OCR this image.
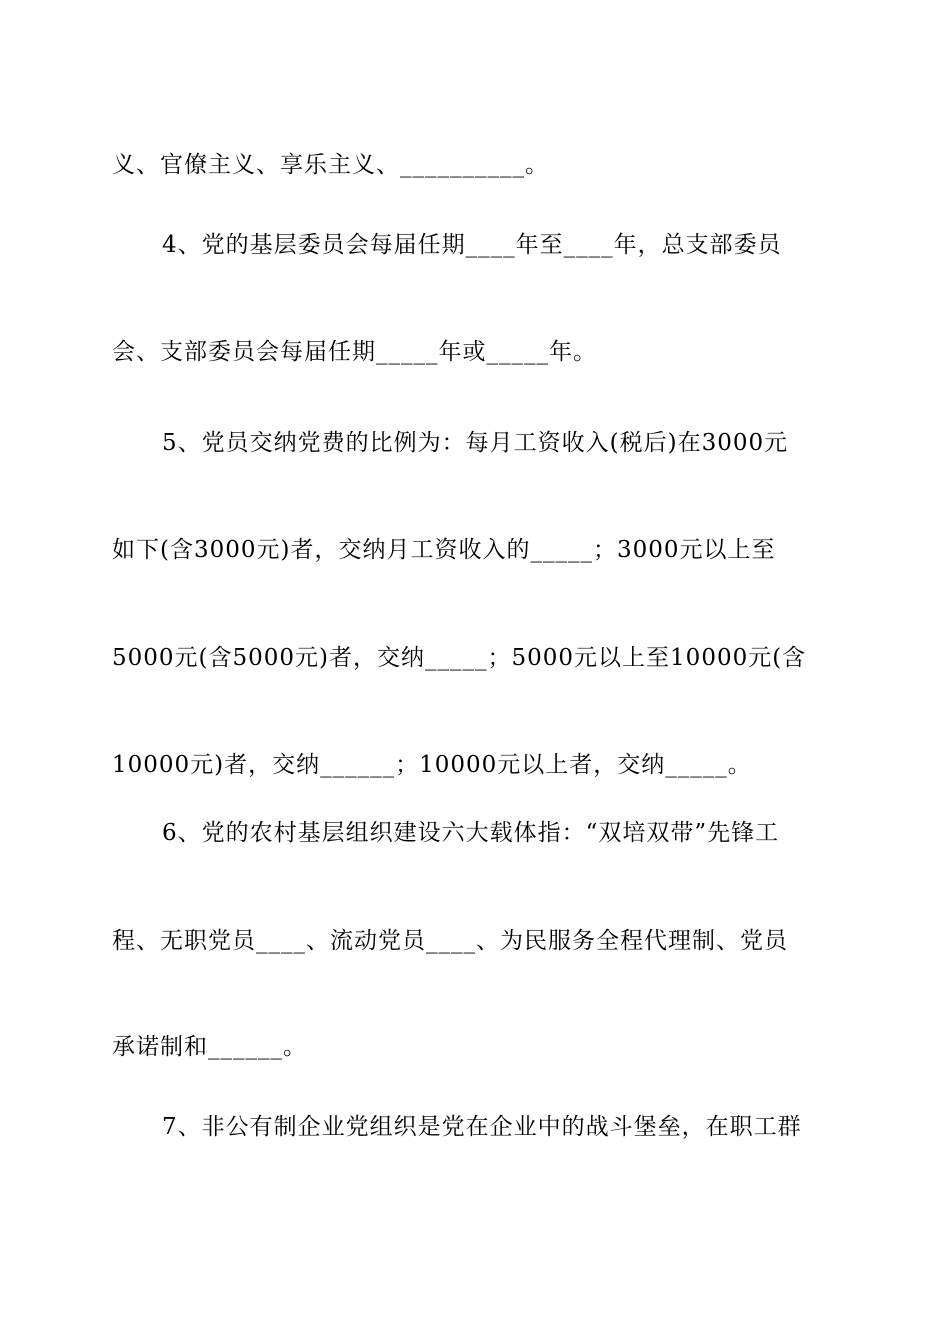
义、官僚主义、享乐主义、__________。
4、党的基层委员会每届任期____年至____年，总支部委员
会、支部委员会每届任期_____年或_____年。
5、党员交纳党费的比例为：每月工资收入(税后)在3000元
如下(含3000元)者，交纳月工资收入的_____；3000元以上至
5000元(含5000元)者，交纳_____；5000元以上至10000元(含
10000元)者，交纳______；10000元以上者，交纳_____。
6、党的农村基层组织建设六大载体指：“双培双带”先锋工
程、无职党员____、流动党员____、为民服务全程代理制、党员
承诺制和______。
7、非公有制企业党组织是党在企业中的战斗堡垒，在职工群
